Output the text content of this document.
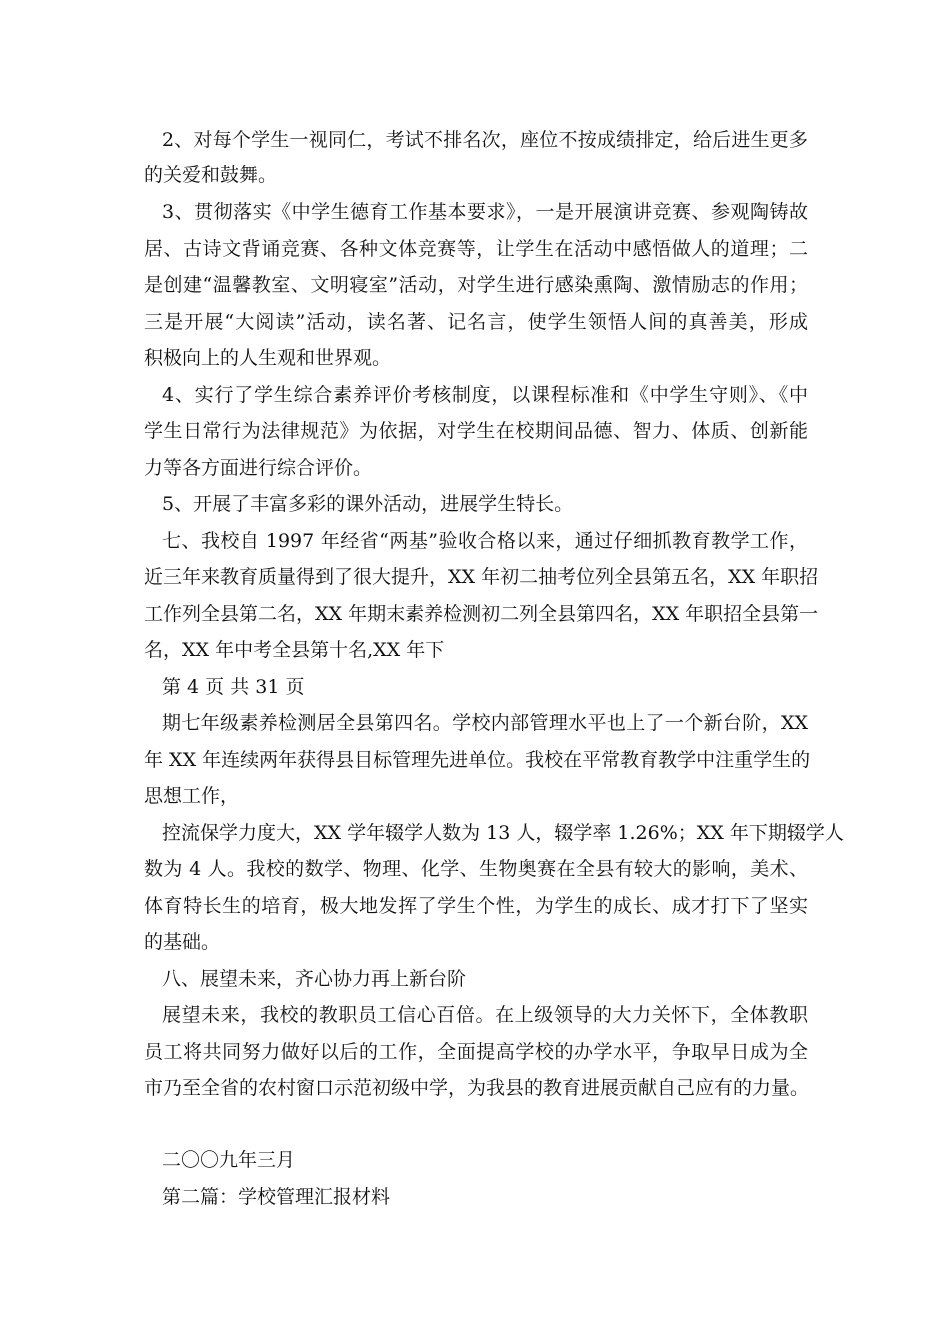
2、对每个学生一视同仁，考试不排名次，座位不按成绩排定，给后进生更多
的关爱和鼓舞。
3、贯彻落实《中学生德育工作基本要求》，一是开展演讲竞赛、参观陶铸故
居、古诗文背诵竞赛、各种文体竞赛等，让学生在活动中感悟做人的道理；二
是创建“温馨教室、文明寝室”活动，对学生进行感染熏陶、激情励志的作用；
三是开展“大阅读”活动，读名著、记名言，使学生领悟人间的真善美，形成
积极向上的人生观和世界观。
4、实行了学生综合素养评价考核制度，以课程标准和《中学生守则》、《中
学生日常行为法律规范》为依据，对学生在校期间品德、智力、体质、创新能
力等各方面进行综合评价。
5、开展了丰富多彩的课外活动，进展学生特长。
七、我校自 1997 年经省“两基”验收合格以来，通过仔细抓教育教学工作，
近三年来教育质量得到了很大提升，XX 年初二抽考位列全县第五名，XX 年职招
工作列全县第二名，XX 年期末素养检测初二列全县第四名，XX 年职招全县第一
名，XX 年中考全县第十名,XX 年下
第 4 页 共 31 页
期七年级素养检测居全县第四名。学校内部管理水平也上了一个新台阶，XX
年 XX 年连续两年获得县目标管理先进单位。我校在平常教育教学中注重学生的
思想工作，
控流保学力度大，XX 学年辍学人数为 13 人，辍学率 1.26%；XX 年下期辍学人
数为 4 人。我校的数学、物理、化学、生物奥赛在全县有较大的影响，美术、
体育特长生的培育，极大地发挥了学生个性，为学生的成长、成才打下了坚实
的基础。
八、展望未来，齐心协力再上新台阶
展望未来，我校的教职员工信心百倍。在上级领导的大力关怀下，全体教职
员工将共同努力做好以后的工作，全面提高学校的办学水平，争取早日成为全
市乃至全省的农村窗口示范初级中学，为我县的教育进展贡献自己应有的力量。
二〇〇九年三月
第二篇：学校管理汇报材料
